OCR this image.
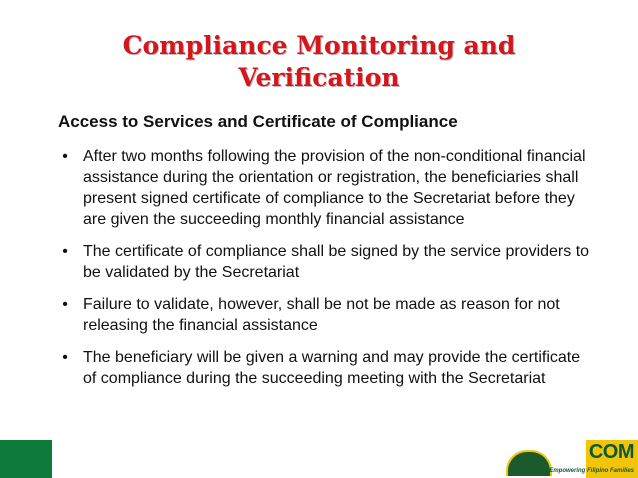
Compliance Monitoring and
Verification
Access to Services and Certificate of Compliance
• After two months following the provision of the non-conditional financial assistance during the orientation or registration, the beneficiaries shall present signed certificate of compliance to the Secretariat before they are given the succeeding monthly financial assistance
• The certificate of compliance shall be signed by the service providers to be validated by the Secretariat
• Failure to validate, however, shall be not be made as reason for not releasing the financial assistance
• The beneficiary will be given a warning and may provide the certificate of compliance during the succeeding meeting with the Secretariat
COM
Empowering Filipino Families
